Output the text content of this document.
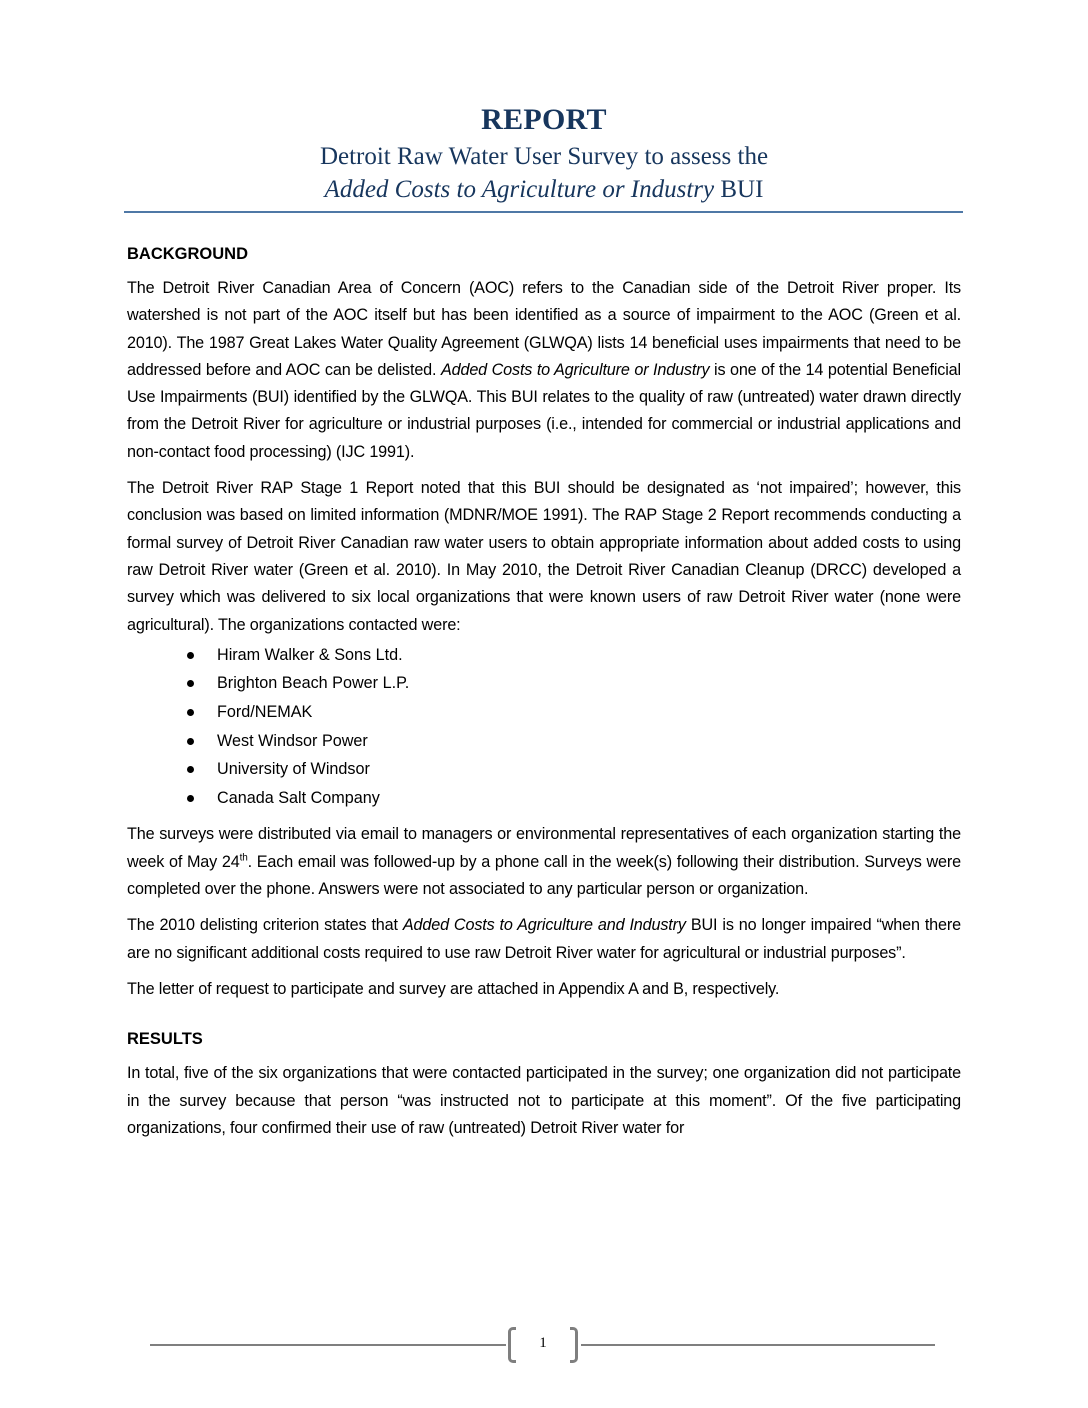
REPORT
Detroit Raw Water User Survey to assess the
Added Costs to Agriculture or Industry BUI
BACKGROUND

The Detroit River Canadian Area of Concern (AOC) refers to the Canadian side of the Detroit River proper. Its watershed is not part of the AOC itself but has been identified as a source of impairment to the AOC (Green et al. 2010). The 1987 Great Lakes Water Quality Agreement (GLWQA) lists 14 beneficial uses impairments that need to be addressed before and AOC can be delisted. Added Costs to Agriculture or Industry is one of the 14 potential Beneficial Use Impairments (BUI) identified by the GLWQA. This BUI relates to the quality of raw (untreated) water drawn directly from the Detroit River for agriculture or industrial purposes (i.e., intended for commercial or industrial applications and non-contact food processing) (IJC 1991).

The Detroit River RAP Stage 1 Report noted that this BUI should be designated as ‘not impaired’; however, this conclusion was based on limited information (MDNR/MOE 1991). The RAP Stage 2 Report recommends conducting a formal survey of Detroit River Canadian raw water users to obtain appropriate information about added costs to using raw Detroit River water (Green et al. 2010). In May 2010, the Detroit River Canadian Cleanup (DRCC) developed a survey which was delivered to six local organizations that were known users of raw Detroit River water (none were agricultural). The organizations contacted were:

Hiram Walker & Sons Ltd.
Brighton Beach Power L.P.
Ford/NEMAK
West Windsor Power
University of Windsor
Canada Salt Company

The surveys were distributed via email to managers or environmental representatives of each organization starting the week of May 24th. Each email was followed-up by a phone call in the week(s) following their distribution. Surveys were completed over the phone. Answers were not associated to any particular person or organization.

The 2010 delisting criterion states that Added Costs to Agriculture and Industry BUI is no longer impaired “when there are no significant additional costs required to use raw Detroit River water for agricultural or industrial purposes”.

The letter of request to participate and survey are attached in Appendix A and B, respectively.

RESULTS

In total, five of the six organizations that were contacted participated in the survey; one organization did not participate in the survey because that person “was instructed not to participate at this moment”. Of the five participating organizations, four confirmed their use of raw (untreated) Detroit River water for

1
